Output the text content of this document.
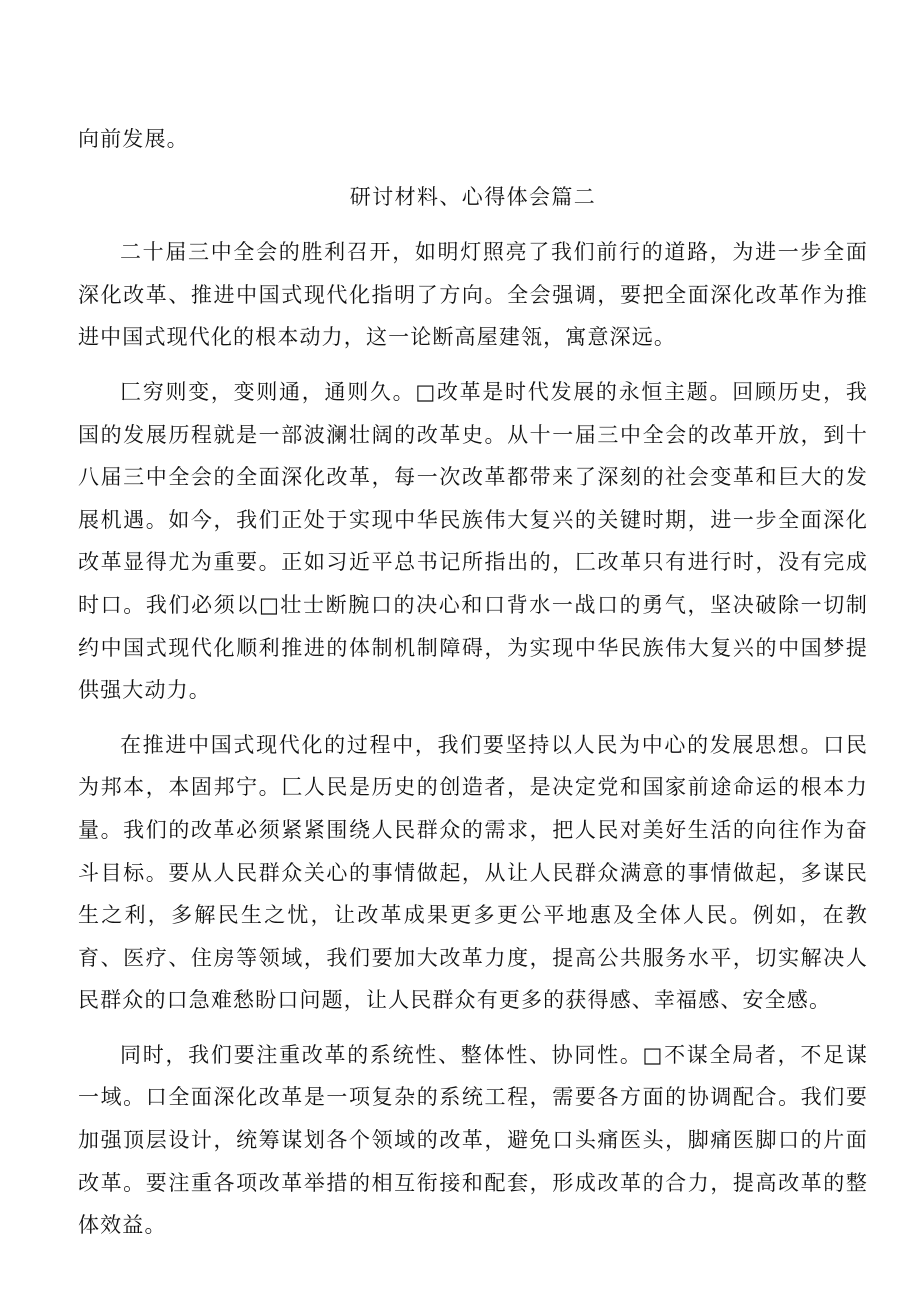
向前发展。

研讨材料、心得体会篇二

二十届三中全会的胜利召开，如明灯照亮了我们前行的道路，为进一步全面深化改革、推进中国式现代化指明了方向。全会强调，要把全面深化改革作为推进中国式现代化的根本动力，这一论断高屋建瓴，寓意深远。

匚穷则变，变则通，通则久。□改革是时代发展的永恒主题。回顾历史，我国的发展历程就是一部波澜壮阔的改革史。从十一届三中全会的改革开放，到十八届三中全会的全面深化改革，每一次改革都带来了深刻的社会变革和巨大的发展机遇。如今，我们正处于实现中华民族伟大复兴的关键时期，进一步全面深化改革显得尤为重要。正如习近平总书记所指出的，匚改革只有进行时，没有完成时口。我们必须以□壮士断腕口的决心和口背水一战口的勇气，坚决破除一切制约中国式现代化顺利推进的体制机制障碍，为实现中华民族伟大复兴的中国梦提供强大动力。

在推进中国式现代化的过程中，我们要坚持以人民为中心的发展思想。口民为邦本，本固邦宁。匚人民是历史的创造者，是决定党和国家前途命运的根本力量。我们的改革必须紧紧围绕人民群众的需求，把人民对美好生活的向往作为奋斗目标。要从人民群众关心的事情做起，从让人民群众满意的事情做起，多谋民生之利，多解民生之忧，让改革成果更多更公平地惠及全体人民。例如，在教育、医疗、住房等领域，我们要加大改革力度，提高公共服务水平，切实解决人民群众的口急难愁盼口问题，让人民群众有更多的获得感、幸福感、安全感。

同时，我们要注重改革的系统性、整体性、协同性。□不谋全局者，不足谋一域。口全面深化改革是一项复杂的系统工程，需要各方面的协调配合。我们要加强顶层设计，统筹谋划各个领域的改革，避免口头痛医头，脚痛医脚口的片面改革。要注重各项改革举措的相互衔接和配套，形成改革的合力，提高改革的整体效益。
